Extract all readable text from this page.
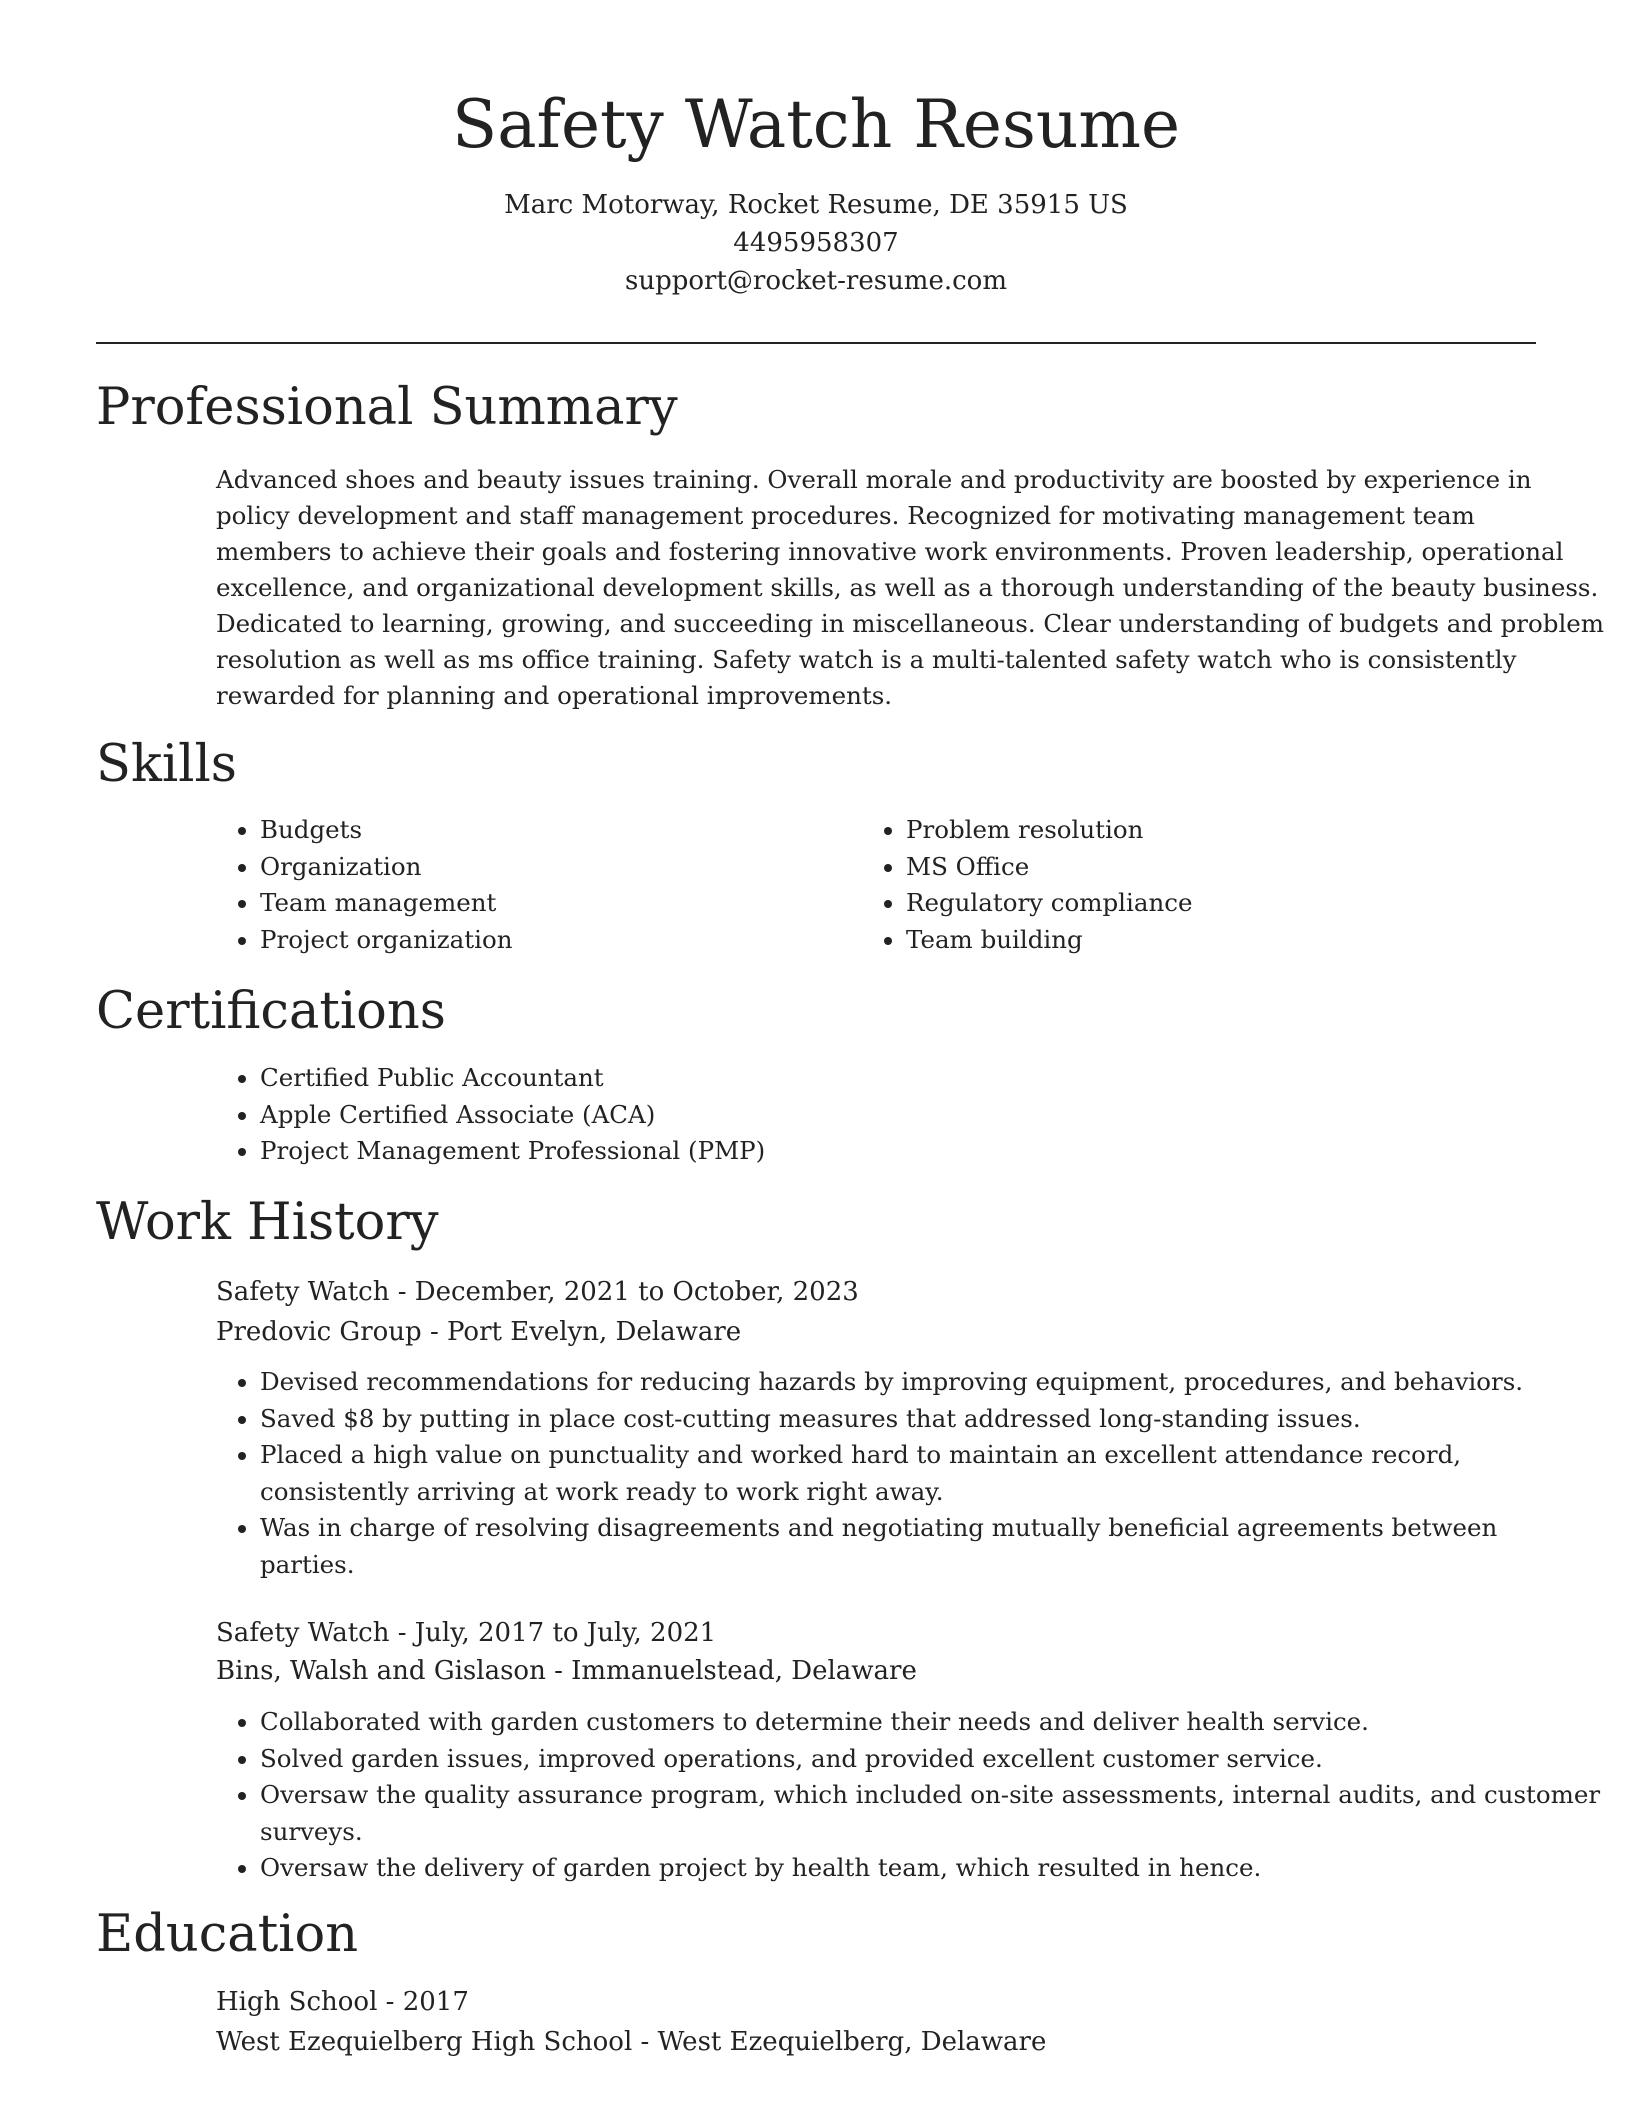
Safety Watch Resume
Marc Motorway, Rocket Resume, DE 35915 US
4495958307
support@rocket-resume.com
Professional Summary
Advanced shoes and beauty issues training. Overall morale and productivity are boosted by experience in
policy development and staff management procedures. Recognized for motivating management team
members to achieve their goals and fostering innovative work environments. Proven leadership, operational
excellence, and organizational development skills, as well as a thorough understanding of the beauty business.
Dedicated to learning, growing, and succeeding in miscellaneous. Clear understanding of budgets and problem
resolution as well as ms office training. Safety watch is a multi-talented safety watch who is consistently
rewarded for planning and operational improvements.
Skills
• Budgets
• Organization
• Team management
• Project organization
• Problem resolution
• MS Office
• Regulatory compliance
• Team building
Certifications
• Certified Public Accountant
• Apple Certified Associate (ACA)
• Project Management Professional (PMP)
Work History
Safety Watch - December, 2021 to October, 2023
Predovic Group - Port Evelyn, Delaware
• Devised recommendations for reducing hazards by improving equipment, procedures, and behaviors.
• Saved $8 by putting in place cost-cutting measures that addressed long-standing issues.
• Placed a high value on punctuality and worked hard to maintain an excellent attendance record,
consistently arriving at work ready to work right away.
• Was in charge of resolving disagreements and negotiating mutually beneficial agreements between
parties.
Safety Watch - July, 2017 to July, 2021
Bins, Walsh and Gislason - Immanuelstead, Delaware
• Collaborated with garden customers to determine their needs and deliver health service.
• Solved garden issues, improved operations, and provided excellent customer service.
• Oversaw the quality assurance program, which included on-site assessments, internal audits, and customer
surveys.
• Oversaw the delivery of garden project by health team, which resulted in hence.
Education
High School - 2017
West Ezequielberg High School - West Ezequielberg, Delaware
